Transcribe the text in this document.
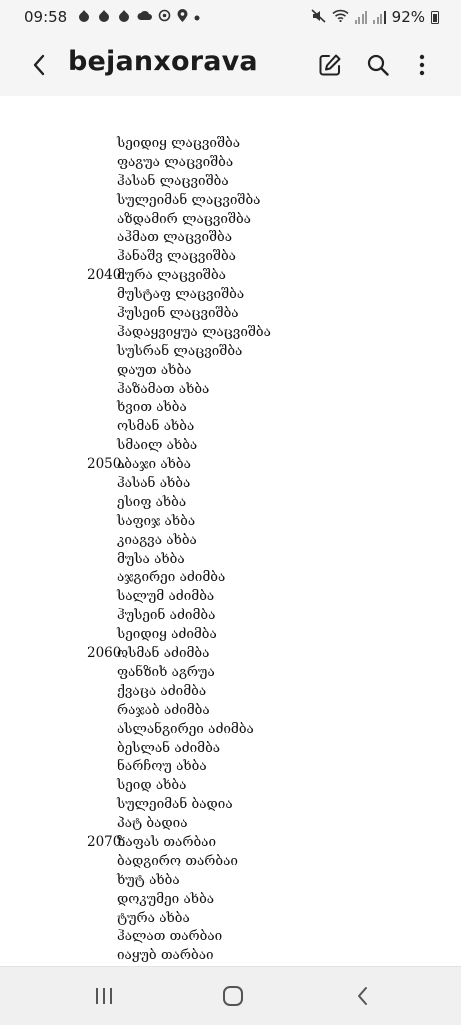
09:58	92%
bejanxorava
სეიდიყ ლაცვიშბა
ფაგუა ლაცვიშბა
ჰასან ლაცვიშბა
სულეიმან ლაცვიშბა
აზდამირ ლაცვიშბა
აჰმათ ლაცვიშბა
ჰანაშვ ლაცვიშბა
2040.
მურა ლაცვიშბა
მუსტაფ ლაცვიშბა
ჰუსეინ ლაცვიშბა
ჰადაყვიყუა ლაცვიშბა
სუსრან ლაცვიშბა
დაუთ ახბა
ჰაზამათ ახბა
ხვით ახბა
ოსმან ახბა
სმაილ ახბა
2050.
აბაჯი ახბა
ჰასან ახბა
ესიფ ახბა
საფიჯ ახბა
კიაგვა ახბა
მუსა ახბა
აჯგირეი აძიმბა
სალუმ აძიმბა
ჰუსეინ აძიმბა
სეიდიყ აძიმბა
2060.
ოსმან აძიმბა
ფანზიხ აგრუა
ქვაცა აძიმბა
რაჯაბ აძიმბა
ასლანგირეი აძიმბა
ბესლან აძიმბა
ნარჩოუ ახბა
სეიდ ახბა
სულეიმან ბადია
პატ ბადია
2070.
ზაფას თარბაი
ბადგირო თარბაი
ხუტ ახბა
დოკუმეი ახბა
ტურა ახბა
ჰალათ თარბაი
იაყუბ თარბაი
